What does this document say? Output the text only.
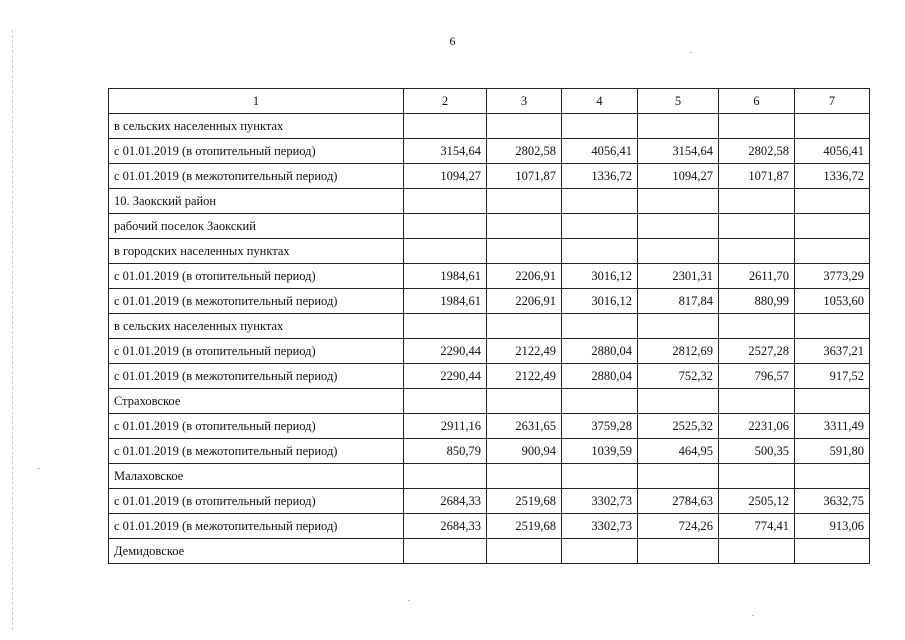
6
1	2	3	4	5	6	7
в сельских населенных пунктах						
с 01.01.2019 (в отопительный период)	3154,64	2802,58	4056,41	3154,64	2802,58	4056,41
с 01.01.2019 (в межотопительный период)	1094,27	1071,87	1336,72	1094,27	1071,87	1336,72
10. Заокский район						
рабочий поселок Заокский						
в городских населенных пунктах						
с 01.01.2019 (в отопительный период)	1984,61	2206,91	3016,12	2301,31	2611,70	3773,29
с 01.01.2019 (в межотопительный период)	1984,61	2206,91	3016,12	817,84	880,99	1053,60
в сельских населенных пунктах						
с 01.01.2019 (в отопительный период)	2290,44	2122,49	2880,04	2812,69	2527,28	3637,21
с 01.01.2019 (в межотопительный период)	2290,44	2122,49	2880,04	752,32	796,57	917,52
Страховское						
с 01.01.2019 (в отопительный период)	2911,16	2631,65	3759,28	2525,32	2231,06	3311,49
с 01.01.2019 (в межотопительный период)	850,79	900,94	1039,59	464,95	500,35	591,80
Малаховское						
с 01.01.2019 (в отопительный период)	2684,33	2519,68	3302,73	2784,63	2505,12	3632,75
с 01.01.2019 (в межотопительный период)	2684,33	2519,68	3302,73	724,26	774,41	913,06
Демидовское						
